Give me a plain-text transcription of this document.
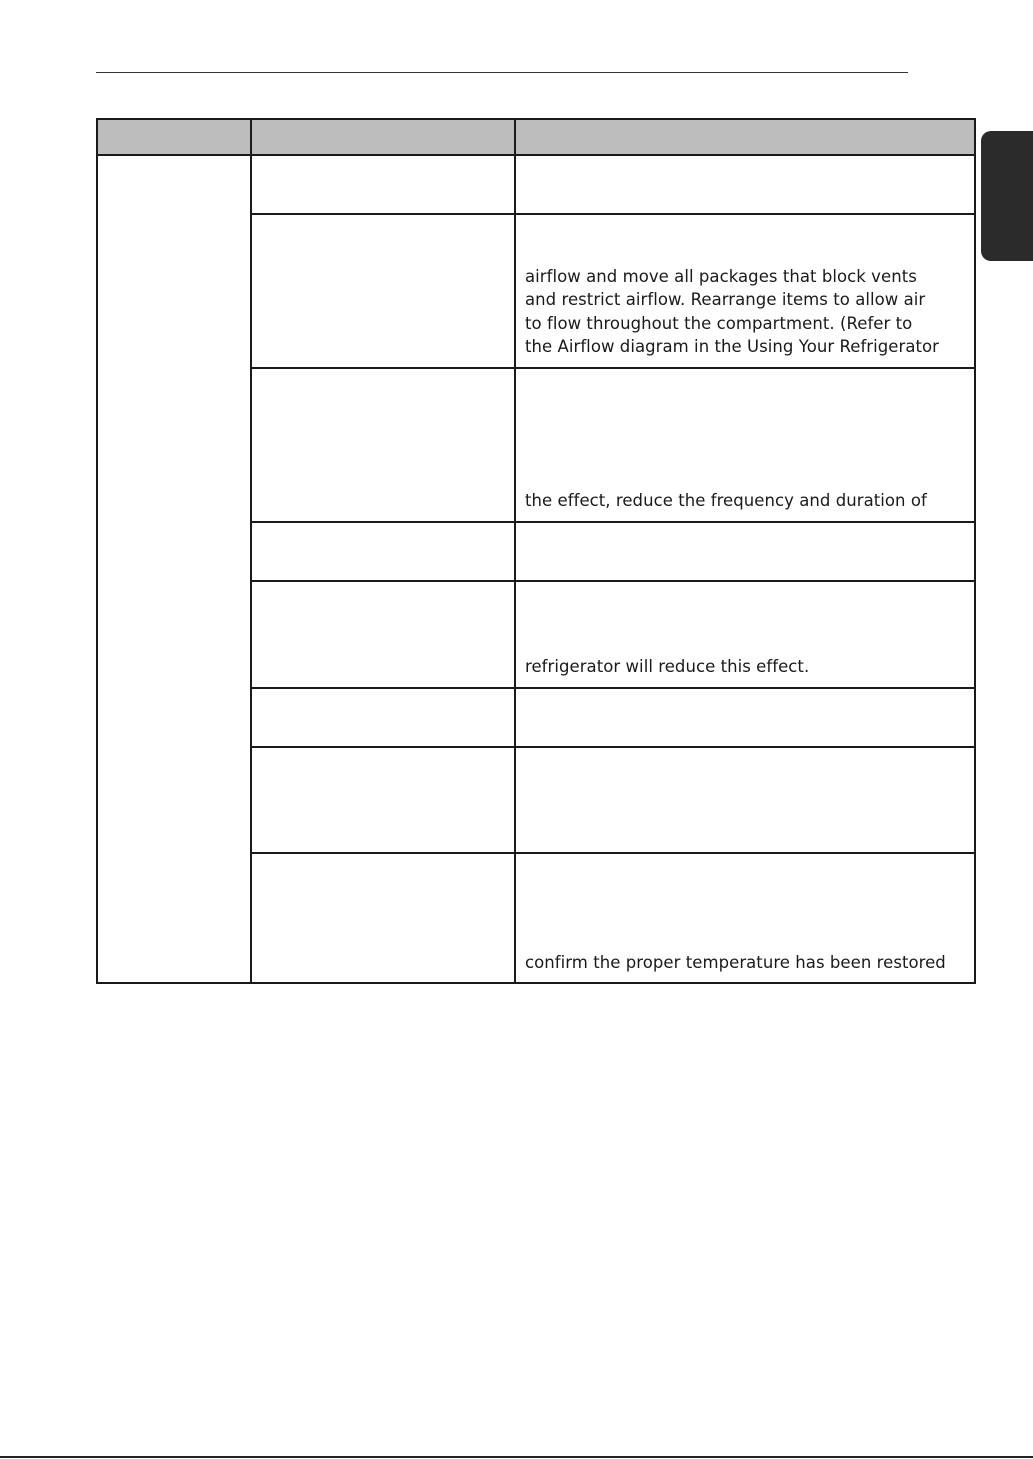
		airflow and move all packages that block vents
and restrict airflow. Rearrange items to allow air
to flow throughout the compartment. (Refer to
the Airflow diagram in the Using Your Refrigerator

		the effect, reduce the frequency and duration of

		refrigerator will reduce this effect.

		confirm the proper temperature has been restored
